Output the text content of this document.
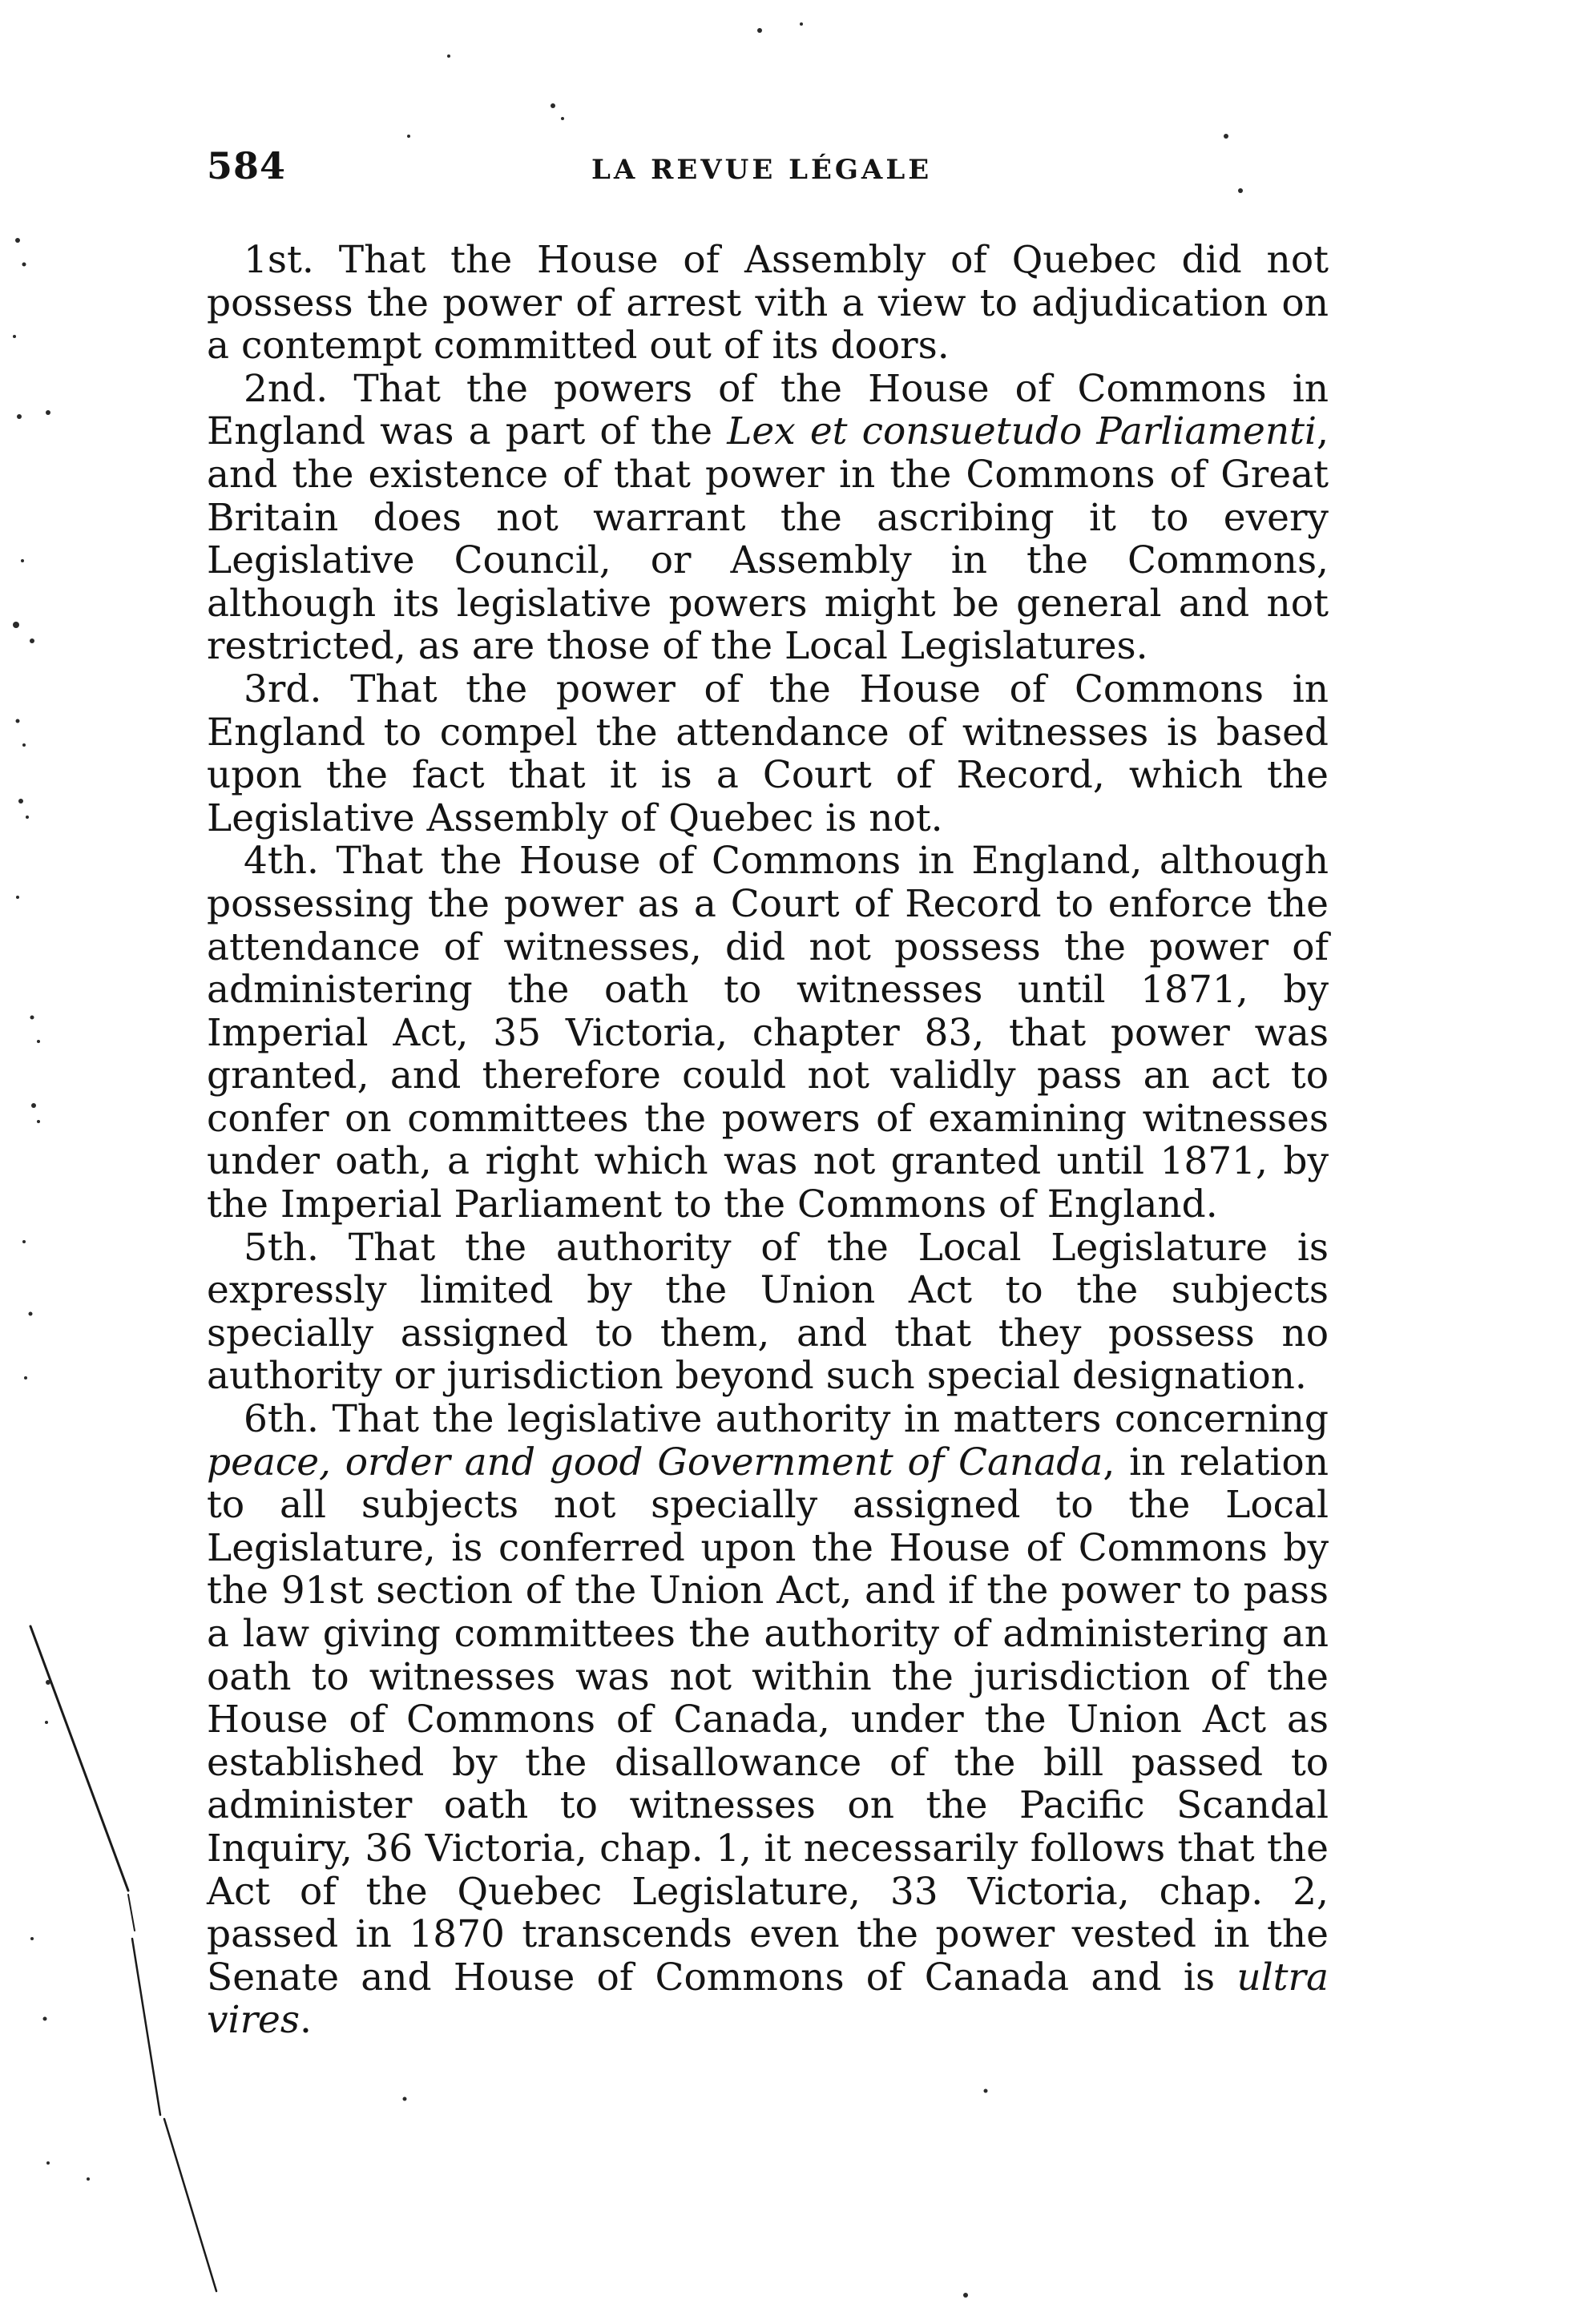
584	LA REVUE LÉGALE

1st. That the House of Assembly of Quebec did not possess the power of arrest vith a view to adjudication on a contempt committed out of its doors.

2nd. That the powers of the House of Commons in England was a part of the Lex et consuetudo Parliamenti, and the existence of that power in the Commons of Great Britain does not warrant the ascribing it to every Legislative Council, or Assembly in the Commons, although its legislative powers might be general and not restricted, as are those of the Local Legislatures.

3rd. That the power of the House of Commons in England to compel the attendance of witnesses is based upon the fact that it is a Court of Record, which the Legislative Assembly of Quebec is not.

4th. That the House of Commons in England, although possessing the power as a Court of Record to enforce the attendance of witnesses, did not possess the power of administering the oath to witnesses until 1871, by Imperial Act, 35 Victoria, chapter 83, that power was granted, and therefore could not validly pass an act to confer on committees the powers of examining witnesses under oath, a right which was not granted until 1871, by the Imperial Parliament to the Commons of England.

5th. That the authority of the Local Legislature is expressly limited by the Union Act to the subjects specially assigned to them, and that they possess no authority or jurisdiction beyond such special designation.

6th. That the legislative authority in matters concerning peace, order and good Government of Canada, in relation to all subjects not specially assigned to the Local Legislature, is conferred upon the House of Commons by the 91st section of the Union Act, and if the power to pass a law giving committees the authority of administering an oath to witnesses was not within the jurisdiction of the House of Commons of Canada, under the Union Act as established by the disallowance of the bill passed to administer oath to witnesses on the Pacific Scandal Inquiry, 36 Victoria, chap. 1, it necessarily follows that the Act of the Quebec Legislature, 33 Victoria, chap. 2, passed in 1870 transcends even the power vested in the Senate and House of Commons of Canada and is ultra vires.
